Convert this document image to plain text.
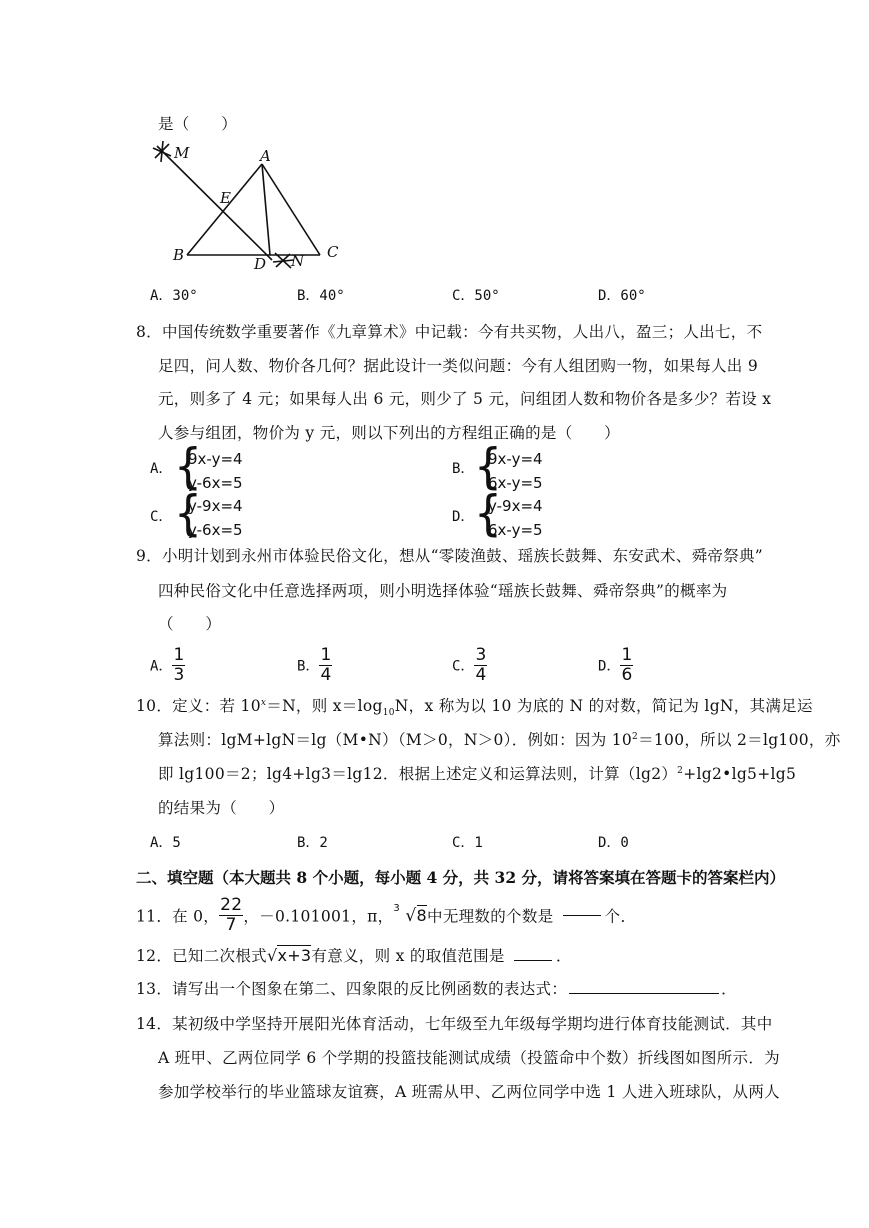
是（　　）
M	A
E
B	D N C
A．30°	B．40°	C．50°	D．60°
8．中国传统数学重要著作《九章算术》中记载：今有共买物，人出八，盈三；人出七，不
足四，问人数、物价各几何？据此设计一类似问题：今有人组团购一物，如果每人出 9
元，则多了 4 元；如果每人出 6 元，则少了 5 元，问组团人数和物价各是多少？若设 x
人参与组团，物价为 y 元，则以下列出的方程组正确的是（　　）
A． {
9x-y=4
y-6x=5
B． {
9x-y=4
6x-y=5
C． {
y-9x=4
y-6x=5
D． {
y-9x=4
6x-y=5
9．小明计划到永州市体验民俗文化，想从“零陵渔鼓、瑶族长鼓舞、东安武术、舜帝祭典”
四种民俗文化中任意选择两项，则小明选择体验“瑶族长鼓舞、舜帝祭典”的概率为
（　　）
A． $\frac{1}{3}$	B． $\frac{1}{4}$	C． $\frac{3}{4}$	D． $\frac{1}{6}$
10．定义：若 $10^x=N$，则 $x=\log_{10}N$，x 称为以 10 为底的 N 的对数，简记为 lgN，其满足运
算法则：lgM+lgN＝lg（M•N）（M＞0，N＞0）．例如：因为 $10^2=100$，所以 2＝lg100，亦
即 lg100＝2；lg4+lg3＝lg12．根据上述定义和运算法则，计算$(\lg 2)^2+\lg 2•\lg 5+\lg 5$
的结果为（　　）
A．5	B．2	C．1	D．0
二、填空题（本大题共 8 个小题，每小题 4 分，共 32 分，请将答案填在答题卡的答案栏内）
11．在 0， $\frac{22}{7}$ ，－0.101001，π， 3 √8中无理数的个数是	个．
12．已知二次根式√x+3有意义，则 x 的取值范围是	．
13．请写出一个图象在第二、四象限的反比例函数的表达式：	．
14．某初级中学坚持开展阳光体育活动，七年级至九年级每学期均进行体育技能测试．其中
A 班甲、乙两位同学 6 个学期的投篮技能测试成绩（投篮命中个数）折线图如图所示．为
参加学校举行的毕业篮球友谊赛，A 班需从甲、乙两位同学中选 1 人进入班球队，从两人
